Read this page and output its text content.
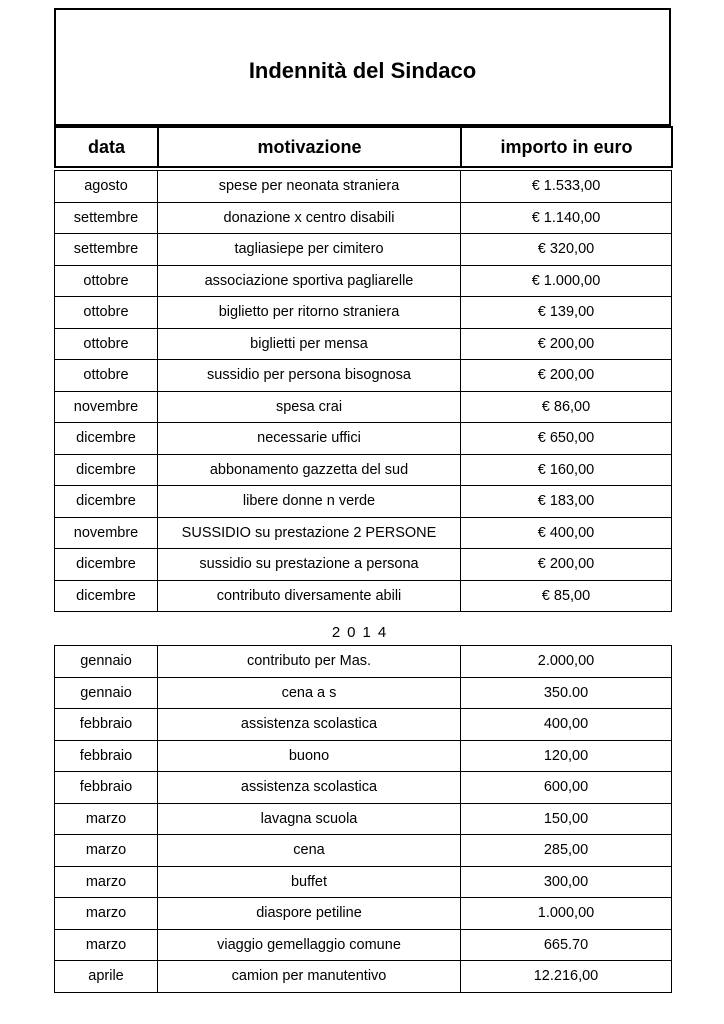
Indennità del Sindaco
data	motivazione	importo in euro
agosto	spese per neonata straniera	€ 1.533,00
settembre	donazione x centro disabili	€ 1.140,00
settembre	tagliasiepe per cimitero	€ 320,00
ottobre	associazione sportiva pagliarelle	€ 1.000,00
ottobre	biglietto per ritorno straniera	€ 139,00
ottobre	biglietti per mensa	€ 200,00
ottobre	sussidio per persona bisognosa	€ 200,00
novembre	spesa crai	€ 86,00
dicembre	necessarie uffici	€ 650,00
dicembre	abbonamento gazzetta del sud	€ 160,00
dicembre	libere donne n verde	€ 183,00
novembre	SUSSIDIO su prestazione 2 PERSONE	€ 400,00
dicembre	sussidio su prestazione a persona	€ 200,00
dicembre	contributo diversamente abili	€ 85,00
2014
gennaio	contributo per Mas.	2.000,00
gennaio	cena a s	350.00
febbraio	assistenza scolastica	400,00
febbraio	buono	120,00
febbraio	assistenza scolastica	600,00
marzo	lavagna scuola	150,00
marzo	cena	285,00
marzo	buffet	300,00
marzo	diaspore petiline	1.000,00
marzo	viaggio gemellaggio comune	665.70
aprile	camion per manutentivo	12.216,00
